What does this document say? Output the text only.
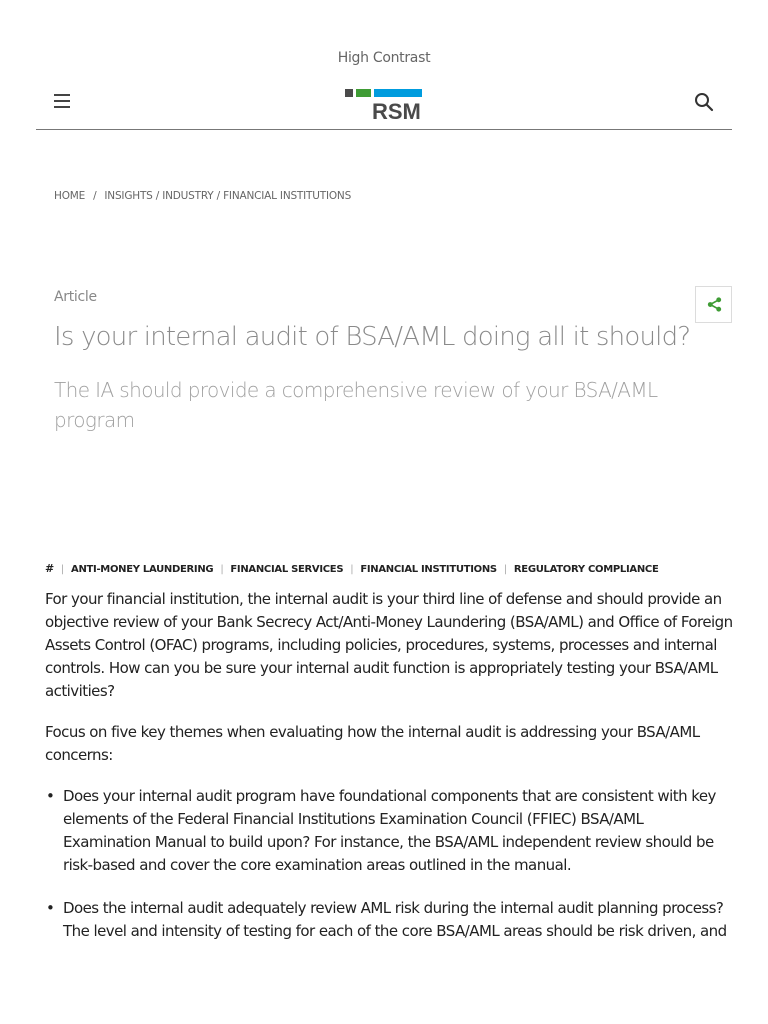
High Contrast
RSM
HOME / INSIGHTS / INDUSTRY / FINANCIAL INSTITUTIONS
Article
Is your internal audit of BSA/AML doing all it should?
The IA should provide a comprehensive review of your BSA/AML program
# | ANTI-MONEY LAUNDERING | FINANCIAL SERVICES | FINANCIAL INSTITUTIONS | REGULATORY COMPLIANCE

For your financial institution, the internal audit is your third line of defense and should provide an objective review of your Bank Secrecy Act/Anti-Money Laundering (BSA/AML) and Office of Foreign Assets Control (OFAC) programs, including policies, procedures, systems, processes and internal controls. How can you be sure your internal audit function is appropriately testing your BSA/AML activities?

Focus on five key themes when evaluating how the internal audit is addressing your BSA/AML concerns:

• Does your internal audit program have foundational components that are consistent with key elements of the Federal Financial Institutions Examination Council (FFIEC) BSA/AML Examination Manual to build upon? For instance, the BSA/AML independent review should be risk-based and cover the core examination areas outlined in the manual.
• Does the internal audit adequately review AML risk during the internal audit planning process? The level and intensity of testing for each of the core BSA/AML areas should be risk driven, and
